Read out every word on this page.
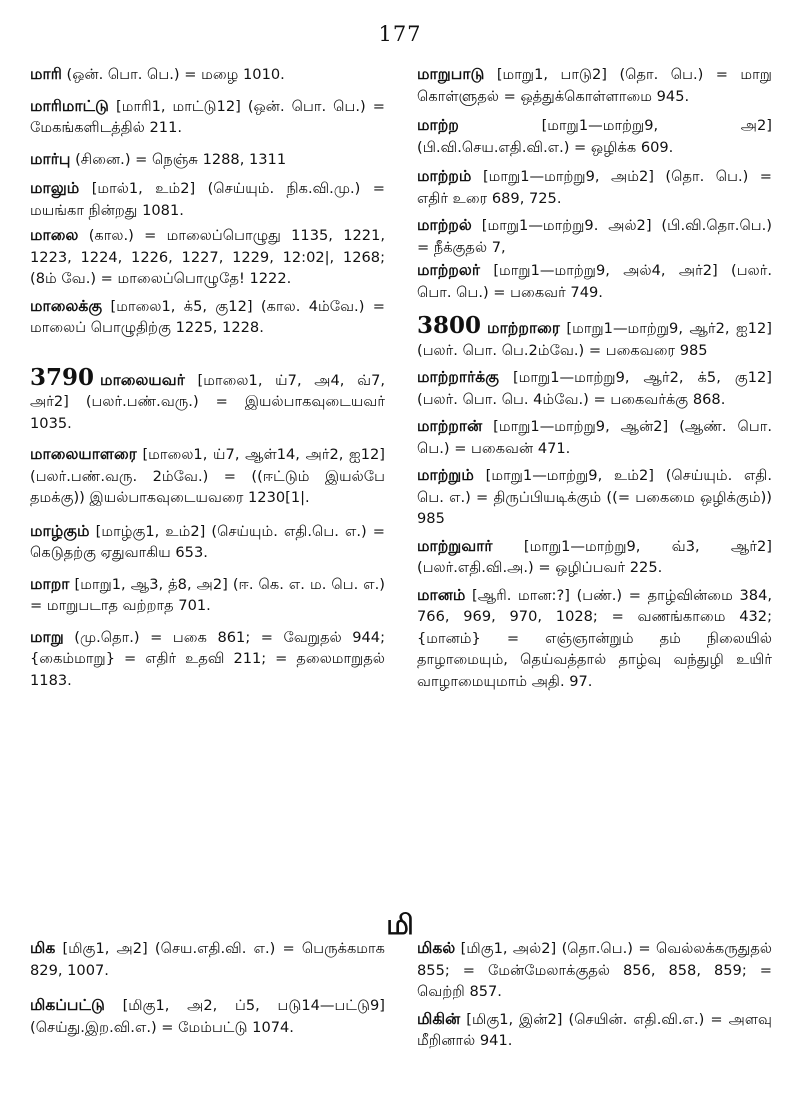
177

மாரி (ஒன். பொ. பெ.) = மழை 1010.

மாரிமாட்டு [மாரி1, மாட்டு12] (ஒன். பொ. பெ.) = மேகங்களிடத்தில் 211.

மார்பு (சினை.) = நெஞ்சு 1288, 1311

மாலும் [மால்1, உம்2] (செய்யும். நிக.வி.மு.) = மயங்கா நின்றது 1081.

மாலை (கால.) = மாலைப்பொழுது 1135, 1221, 1223, 1224, 1226, 1227, 1229, 12:02|, 1268; (8ம் வே.) = மாலைப்பொழுதே! 1222.

மாலைக்கு [மாலை1, க்5, கு12] (கால. 4ம்வே.) = மாலைப் பொழுதிற்கு 1225, 1228.

3790 மாலையவர் [மாலை1, ய்7, அ4, வ்7, அர்2] (பலர்.பண்.வரு.) = இயல்பாகவுடையவர் 1035.

மாலையாளரை [மாலை1, ய்7, ஆள்14, அர்2, ஐ12] (பலர்.பண்.வரு. 2ம்வே.) = ((ஈட்டும் இயல்பே தமக்கு)) இயல்பாகவுடையவரை 1230[1|.

மாழ்கும் [மாழ்கு1, உம்2] (செய்யும். எதி.பெ. எ.) = கெடுதற்கு ஏதுவாகிய 653.

மாறா [மாறு1, ஆ3, த்8, அ2] (ஈ. கெ. எ. ம. பெ. எ.) = மாறுபடாத வற்றாத 701.

மாறு (மு.தொ.) = பகை 861; = வேறுதல் 944; {கைம்மாறு} = எதிர் உதவி 211; = தலைமாறுதல் 1183.

மாறுபாடு [மாறு1, பாடு2] (தொ. பெ.) = மாறு கொள்ளுதல் = ஒத்துக்கொள்ளாமை 945.

மாற்ற [மாறு1—மாற்று9, அ2] (பி.வி.செய.எதி.வி.எ.) = ஒழிக்க 609.

மாற்றம் [மாறு1—மாற்று9, அம்2] (தொ. பெ.) = எதிர் உரை 689, 725.

மாற்றல் [மாறு1—மாற்று9. அல்2] (பி.வி.தொ.பெ.) = நீக்குதல் 7,

மாற்றலர் [மாறு1—மாற்று9, அல்4, அர்2] (பலர். பொ. பெ.) = பகைவர் 749.

3800 மாற்றாரை [மாறு1—மாற்று9, ஆர்2, ஐ12] (பலர். பொ. பெ.2ம்வே.) = பகைவரை 985

மாற்றார்க்கு [மாறு1—மாற்று9, ஆர்2, க்5, கு12] (பலர். பொ. பெ. 4ம்வே.) = பகைவர்க்கு 868.

மாற்றான் [மாறு1—மாற்று9, ஆன்2] (ஆண். பொ. பெ.) = பகைவன் 471.

மாற்றும் [மாறு1—மாற்று9, உம்2] (செய்யும். எதி. பெ. எ.) = திருப்பியடிக்கும் ((= பகைமை ஒழிக்கும்)) 985

மாற்றுவார் [மாறு1—மாற்று9, வ்3, ஆர்2] (பலர்.எதி.வி.அ.) = ஒழிப்பவர் 225.

மானம் [ஆரி. மான:?] (பண்.) = தாழ்வின்மை 384, 766, 969, 970, 1028; = வணங்காமை 432; {மானம்} = எஞ்ஞான்றும் தம் நிலையில் தாழாமையும், தெய்வத்தால் தாழ்வு வந்துழி உயிர் வாழாமையுமாம் அதி. 97.

மி

மிக [மிகு1, அ2] (செய.எதி.வி. எ.) = பெருக்கமாக 829, 1007.

மிகப்பட்டு [மிகு1, அ2, ப்5, படு14—பட்டு9] (செய்து.இற.வி.எ.) = மேம்பட்டு 1074.

மிகல் [மிகு1, அல்2] (தொ.பெ.) = வெல்லக்கருதுதல் 855; = மேன்மேலாக்குதல் 856, 858, 859; = வெற்றி 857.

மிகின் [மிகு1, இன்2] (செயின். எதி.வி.எ.) = அளவு மீறினால் 941.
